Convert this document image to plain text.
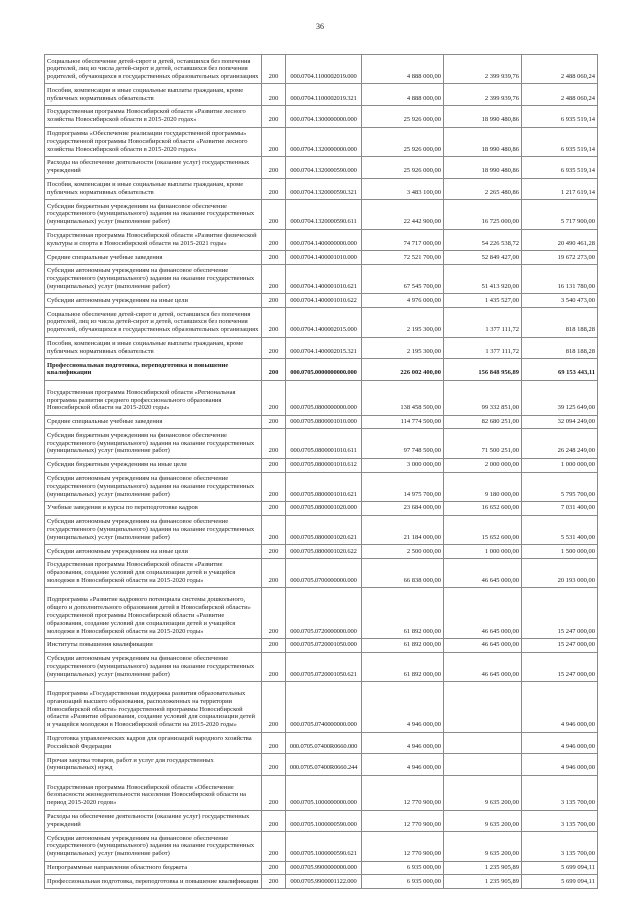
36
Социальное обеспечение детей-сирот и детей, оставшихся без попечения родителей, лиц из числа детей-сирот и детей, оставшихся без попечения родителей, обучающихся в государственных образовательных организациях	200	000.0704.1100002019.000	4 888 000,00	2 399 939,76	2 488 060,24
Пособия, компенсации и иные социальные выплаты гражданам, кроме публичных нормативных обязательств	200	000.0704.1100002019.321	4 888 000,00	2 399 939,76	2 488 060,24
Государственная программа Новосибирской области «Развитие лесного хозяйства Новосибирской области в 2015-2020 годах»	200	000.0704.1300000000.000	25 926 000,00	18 990 480,86	6 935 519,14
Подпрограмма «Обеспечение реализации государственной программы» государственной программы Новосибирской области «Развитие лесного хозяйства Новосибирской области в 2015-2020 годах»	200	000.0704.1320000000.000	25 926 000,00	18 990 480,86	6 935 519,14
Расходы на обеспечение деятельности (оказание услуг) государственных учреждений	200	000.0704.1320000590.000	25 926 000,00	18 990 480,86	6 935 519,14
Пособия, компенсации и иные социальные выплаты гражданам, кроме публичных нормативных обязательств	200	000.0704.1320000590.321	3 483 100,00	2 265 480,86	1 217 619,14
Субсидии бюджетным учреждениям на финансовое обеспечение государственного (муниципального) задания на оказание государственных (муниципальных) услуг (выполнение работ)	200	000.0704.1320000590.611	22 442 900,00	16 725 000,00	5 717 900,00
Государственная программа Новосибирской области «Развитие физической культуры и спорта в Новосибирской области на 2015-2021 годы»	200	000.0704.1400000000.000	74 717 000,00	54 226 538,72	20 490 461,28
Средние специальные учебные заведения	200	000.0704.1400001010.000	72 521 700,00	52 849 427,00	19 672 273,00
Субсидии автономным учреждениям на финансовое обеспечение государственного (муниципального) задания на оказание государственных (муниципальных) услуг (выполнение работ)	200	000.0704.1400001010.621	67 545 700,00	51 413 920,00	16 131 780,00
Субсидии автономным учреждениям на иные цели	200	000.0704.1400001010.622	4 976 000,00	1 435 527,00	3 540 473,00
Социальное обеспечение детей-сирот и детей, оставшихся без попечения родителей, лиц из числа детей-сирот и детей, оставшихся без попечения родителей, обучающихся в государственных образовательных организациях	200	000.0704.1400002015.000	2 195 300,00	1 377 111,72	818 188,28
Пособия, компенсации и иные социальные выплаты гражданам, кроме публичных нормативных обязательств	200	000.0704.1400002015.321	2 195 300,00	1 377 111,72	818 188,28
Профессиональная подготовка, переподготовка и повышение квалификации	200	000.0705.0000000000.000	226 002 400,00	156 848 956,89	69 153 443,11
Государственная программа Новосибирской области «Региональная программа развития среднего профессионального образования Новосибирской области на 2015-2020 годы»	200	000.0705.0800000000.000	138 458 500,00	99 332 851,00	39 125 649,00
Средние специальные учебные заведения	200	000.0705.0800001010.000	114 774 500,00	82 680 251,00	32 094 249,00
Субсидии бюджетным учреждениям на финансовое обеспечение государственного (муниципального) задания на оказание государственных (муниципальных) услуг (выполнение работ)	200	000.0705.0800001010.611	97 748 500,00	71 500 251,00	26 248 249,00
Субсидии бюджетным учреждениям на иные цели	200	000.0705.0800001010.612	3 000 000,00	2 000 000,00	1 000 000,00
Субсидии автономным учреждениям на финансовое обеспечение государственного (муниципального) задания на оказание государственных (муниципальных) услуг (выполнение работ)	200	000.0705.0800001010.621	14 975 700,00	9 180 000,00	5 795 700,00
Учебные заведения и курсы по переподготовке кадров	200	000.0705.0800001020.000	23 684 000,00	16 652 600,00	7 031 400,00
Субсидии автономным учреждениям на финансовое обеспечение государственного (муниципального) задания на оказание государственных (муниципальных) услуг (выполнение работ)	200	000.0705.0800001020.621	21 184 000,00	15 652 600,00	5 531 400,00
Субсидии автономным учреждениям на иные цели	200	000.0705.0800001020.622	2 500 000,00	1 000 000,00	1 500 000,00
Государственная программа Новосибирской области «Развитие образования, создание условий для социализации детей и учащейся молодежи в Новосибирской области на 2015-2020 годы»	200	000.0705.0700000000.000	66 838 000,00	46 645 000,00	20 193 000,00
Подпрограмма «Развитие кадрового потенциала системы дошкольного, общего и дополнительного образования детей в Новосибирской области» государственной программы Новосибирской области «Развитие образования, создание условий для социализации детей и учащейся молодежи в Новосибирской области на 2015-2020 годы»	200	000.0705.0720000000.000	61 892 000,00	46 645 000,00	15 247 000,00
Институты повышения квалификации	200	000.0705.0720001050.000	61 892 000,00	46 645 000,00	15 247 000,00
Субсидии автономным учреждениям на финансовое обеспечение государственного (муниципального) задания на оказание государственных (муниципальных) услуг (выполнение работ)	200	000.0705.0720001050.621	61 892 000,00	46 645 000,00	15 247 000,00
Подпрограмма «Государственная поддержка развития образовательных организаций высшего образования, расположенных на территории Новосибирской области» государственной программы Новосибирской области «Развитие образования, создание условий для социализации детей и учащейся молодежи в Новосибирской области на 2015-2020 годы»	200	000.0705.0740000000.000	4 946 000,00		4 946 000,00
Подготовка управленческих кадров для организаций народного хозяйства Российской Федерации	200	000.0705.07400R0660.000	4 946 000,00		4 946 000,00
Прочая закупка товаров, работ и услуг для государственных (муниципальных) нужд	200	000.0705.07400R0660.244	4 946 000,00		4 946 000,00
Государственная программа Новосибирской области «Обеспечение безопасности жизнедеятельности населения Новосибирской области на период 2015-2020 годов»	200	000.0705.1000000000.000	12 770 900,00	9 635 200,00	3 135 700,00
Расходы на обеспечение деятельности (оказание услуг) государственных учреждений	200	000.0705.1000000590.000	12 770 900,00	9 635 200,00	3 135 700,00
Субсидии автономным учреждениям на финансовое обеспечение государственного (муниципального) задания на оказание государственных (муниципальных) услуг (выполнение работ)	200	000.0705.1000000590.621	12 770 900,00	9 635 200,00	3 135 700,00
Непрограммные направления областного бюджета	200	000.0705.9900000000.000	6 935 000,00	1 235 905,89	5 699 094,11
Профессиональная подготовка, переподготовка и повышение квалификации	200	000.0705.9900001122.000	6 935 000,00	1 235 905,89	5 699 094,11
